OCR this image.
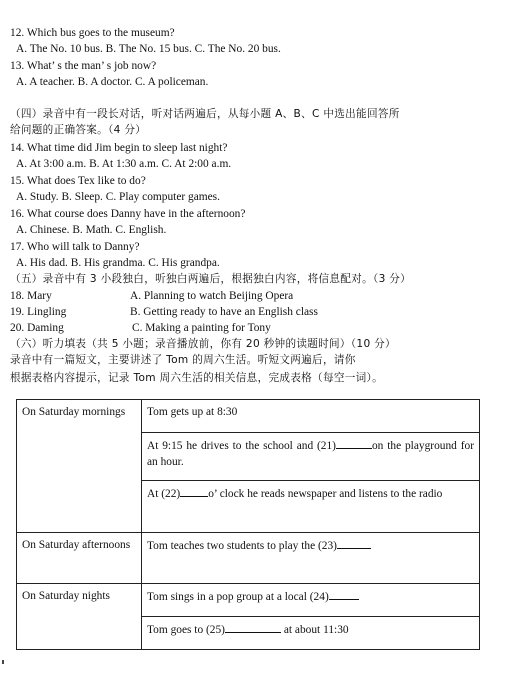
12. Which bus goes to the museum?
A. The No. 10 bus. B. The No. 15 bus. C. The No. 20 bus.
13. What’ s the man’ s job now?
A. A teacher. B. A doctor. C. A policeman.
（四）录音中有一段长对话，听对话两遍后，从每小题 A、B、C 中选出能回答所
给问题的正确答案。（4 分）
14. What time did Jim begin to sleep last night?
A. At 3:00 a.m. B. At 1:30 a.m. C. At 2:00 a.m.
15. What does Tex like to do?
A. Study. B. Sleep. C. Play computer games.
16. What course does Danny have in the afternoon?
A. Chinese. B. Math. C. English.
17. Who will talk to Danny?
A. His dad. B. His grandma. C. His grandpa.
（五）录音中有 3 小段独白，听独白两遍后，根据独白内容，将信息配对。（3 分）
18. Mary	A. Planning to watch Beijing Opera
19. Lingling	B. Getting ready to have an English class
20. Daming	C. Making a painting for Tony
（六）听力填表（共 5 小题；录音播放前，你有 20 秒钟的读题时间）（10 分）
录音中有一篇短文，主要讲述了 Tom 的周六生活。听短文两遍后，请你
根据表格内容提示，记录 Tom 周六生活的相关信息，完成表格（每空一词）。
On Saturday mornings	Tom gets up at 8:30
	At 9:15 he drives to the school and (21) on the playground for an hour.
	At (22) o’ clock he reads newspaper and listens to the radio
On Saturday afternoons	Tom teaches two students to play the (23)
On Saturday nights	Tom sings in a pop group at a local (24)
	Tom goes to (25) at about 11:30
